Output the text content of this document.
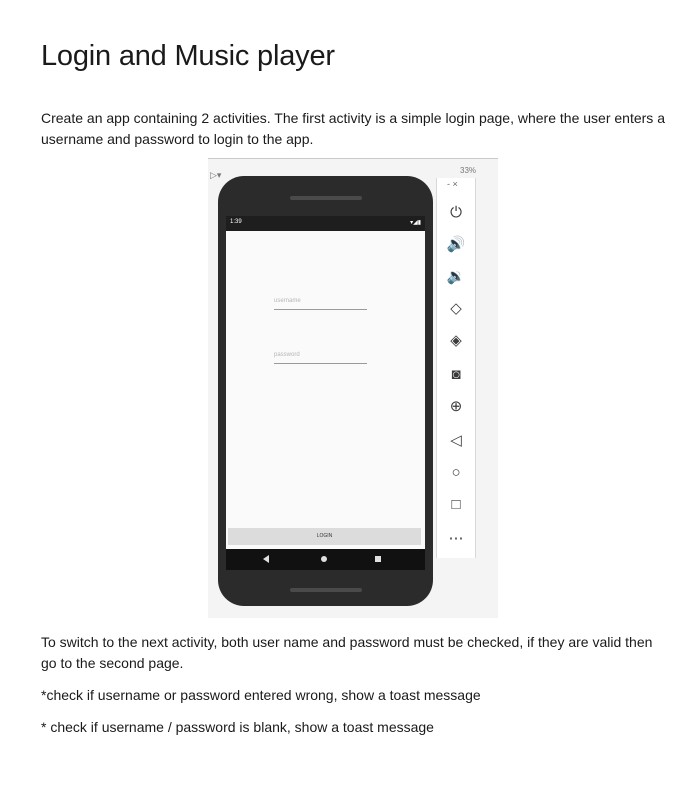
Login and Music player

Create an app containing 2 activities. The first activity is a simple login page, where the user enters a username and password to login to the app.

▷▾	33%
1:39	▾◢▮
username
password
LOGIN
- ×
⏻
🔊
🔉
◇
◈
◙
⊕
◁
○
□
⋯

To switch to the next activity, both user name and password must be checked, if they are valid then go to the second page.

*check if username or password entered wrong, show a toast message

* check if username / password is blank, show a toast message
